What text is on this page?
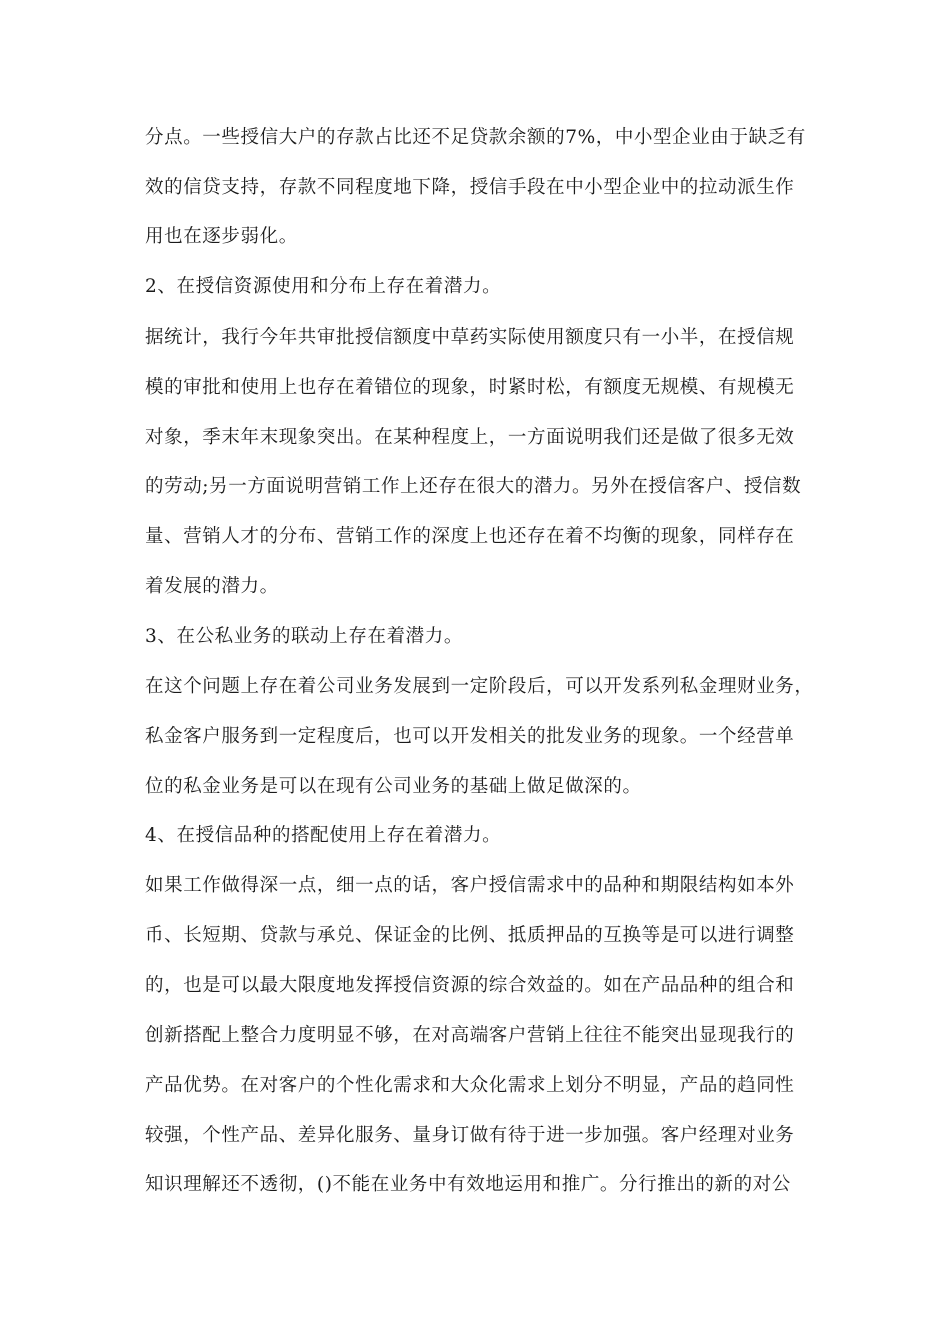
分点。一些授信大户的存款占比还不足贷款余额的7%，中小型企业由于缺乏有
效的信贷支持，存款不同程度地下降，授信手段在中小型企业中的拉动派生作
用也在逐步弱化。
2、在授信资源使用和分布上存在着潜力。
据统计，我行今年共审批授信额度中草药实际使用额度只有一小半，在授信规
模的审批和使用上也存在着错位的现象，时紧时松，有额度无规模、有规模无
对象，季末年末现象突出。在某种程度上，一方面说明我们还是做了很多无效
的劳动;另一方面说明营销工作上还存在很大的潜力。另外在授信客户、授信数
量、营销人才的分布、营销工作的深度上也还存在着不均衡的现象，同样存在
着发展的潜力。
3、在公私业务的联动上存在着潜力。
在这个问题上存在着公司业务发展到一定阶段后，可以开发系列私金理财业务，
私金客户服务到一定程度后，也可以开发相关的批发业务的现象。一个经营单
位的私金业务是可以在现有公司业务的基础上做足做深的。
4、在授信品种的搭配使用上存在着潜力。
如果工作做得深一点，细一点的话，客户授信需求中的品种和期限结构如本外
币、长短期、贷款与承兑、保证金的比例、抵质押品的互换等是可以进行调整
的，也是可以最大限度地发挥授信资源的综合效益的。如在产品品种的组合和
创新搭配上整合力度明显不够，在对高端客户营销上往往不能突出显现我行的
产品优势。在对客户的个性化需求和大众化需求上划分不明显，产品的趋同性
较强，个性产品、差异化服务、量身订做有待于进一步加强。客户经理对业务
知识理解还不透彻，()不能在业务中有效地运用和推广。分行推出的新的对公
